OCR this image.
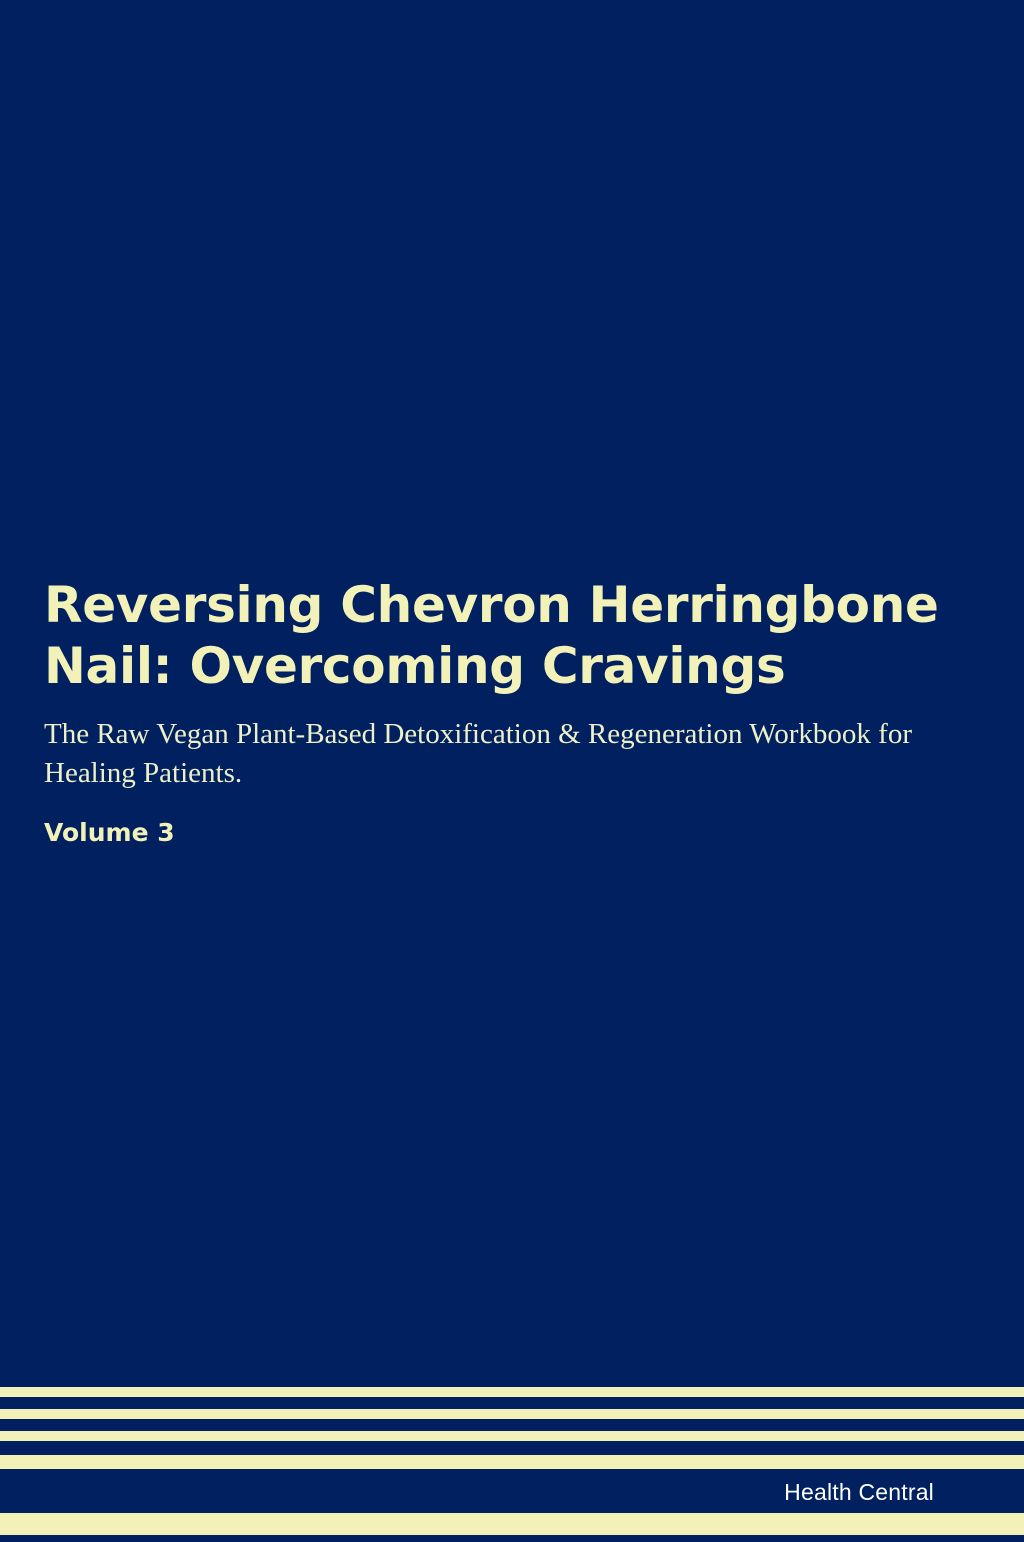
Reversing Chevron Herringbone Nail: Overcoming Cravings

The Raw Vegan Plant-Based Detoxification & Regeneration Workbook for Healing Patients.

Volume 3

Health Central
